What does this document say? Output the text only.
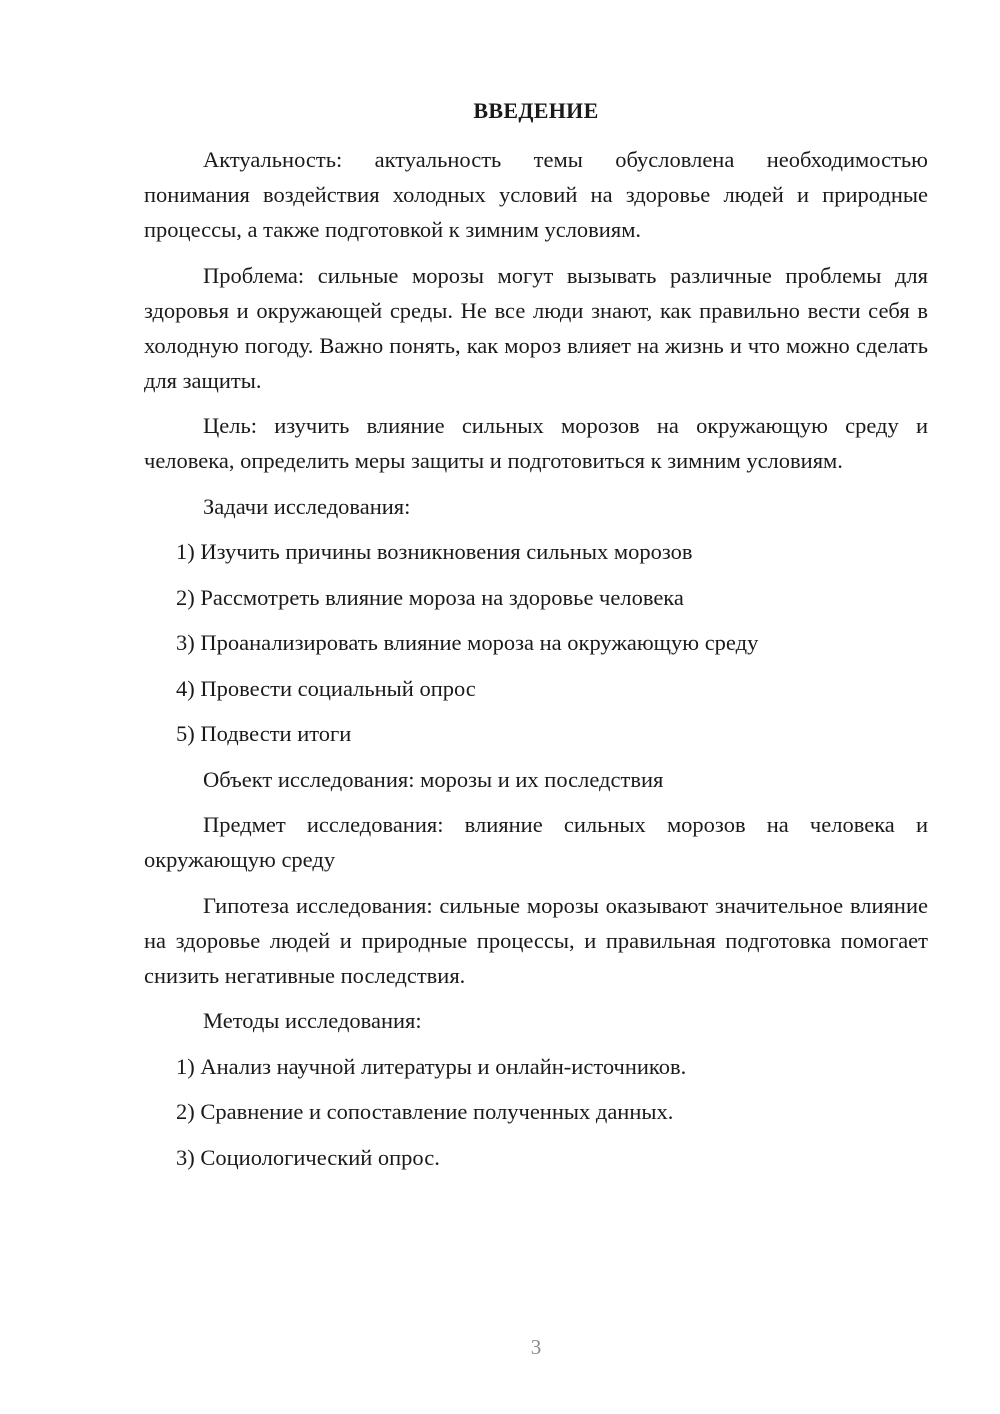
ВВЕДЕНИЕ

Актуальность: актуальность темы обусловлена необходимостью понимания воздействия холодных условий на здоровье людей и природные процессы, а также подготовкой к зимним условиям.

Проблема: сильные морозы могут вызывать различные проблемы для здоровья и окружающей среды. Не все люди знают, как правильно вести себя в холодную погоду. Важно понять, как мороз влияет на жизнь и что можно сделать для защиты.

Цель: изучить влияние сильных морозов на окружающую среду и человека, определить меры защиты и подготовиться к зимним условиям.

Задачи исследования:

1) Изучить причины возникновения сильных морозов

2) Рассмотреть влияние мороза на здоровье человека

3) Проанализировать влияние мороза на окружающую среду

4) Провести социальный опрос

5) Подвести итоги

Объект исследования: морозы и их последствия

Предмет исследования: влияние сильных морозов на человека и окружающую среду

Гипотеза исследования: сильные морозы оказывают значительное влияние на здоровье людей и природные процессы, и правильная подготовка помогает снизить негативные последствия.

Методы исследования:

1) Анализ научной литературы и онлайн-источников.

2) Сравнение и сопоставление полученных данных.

3) Социологический опрос.

3
